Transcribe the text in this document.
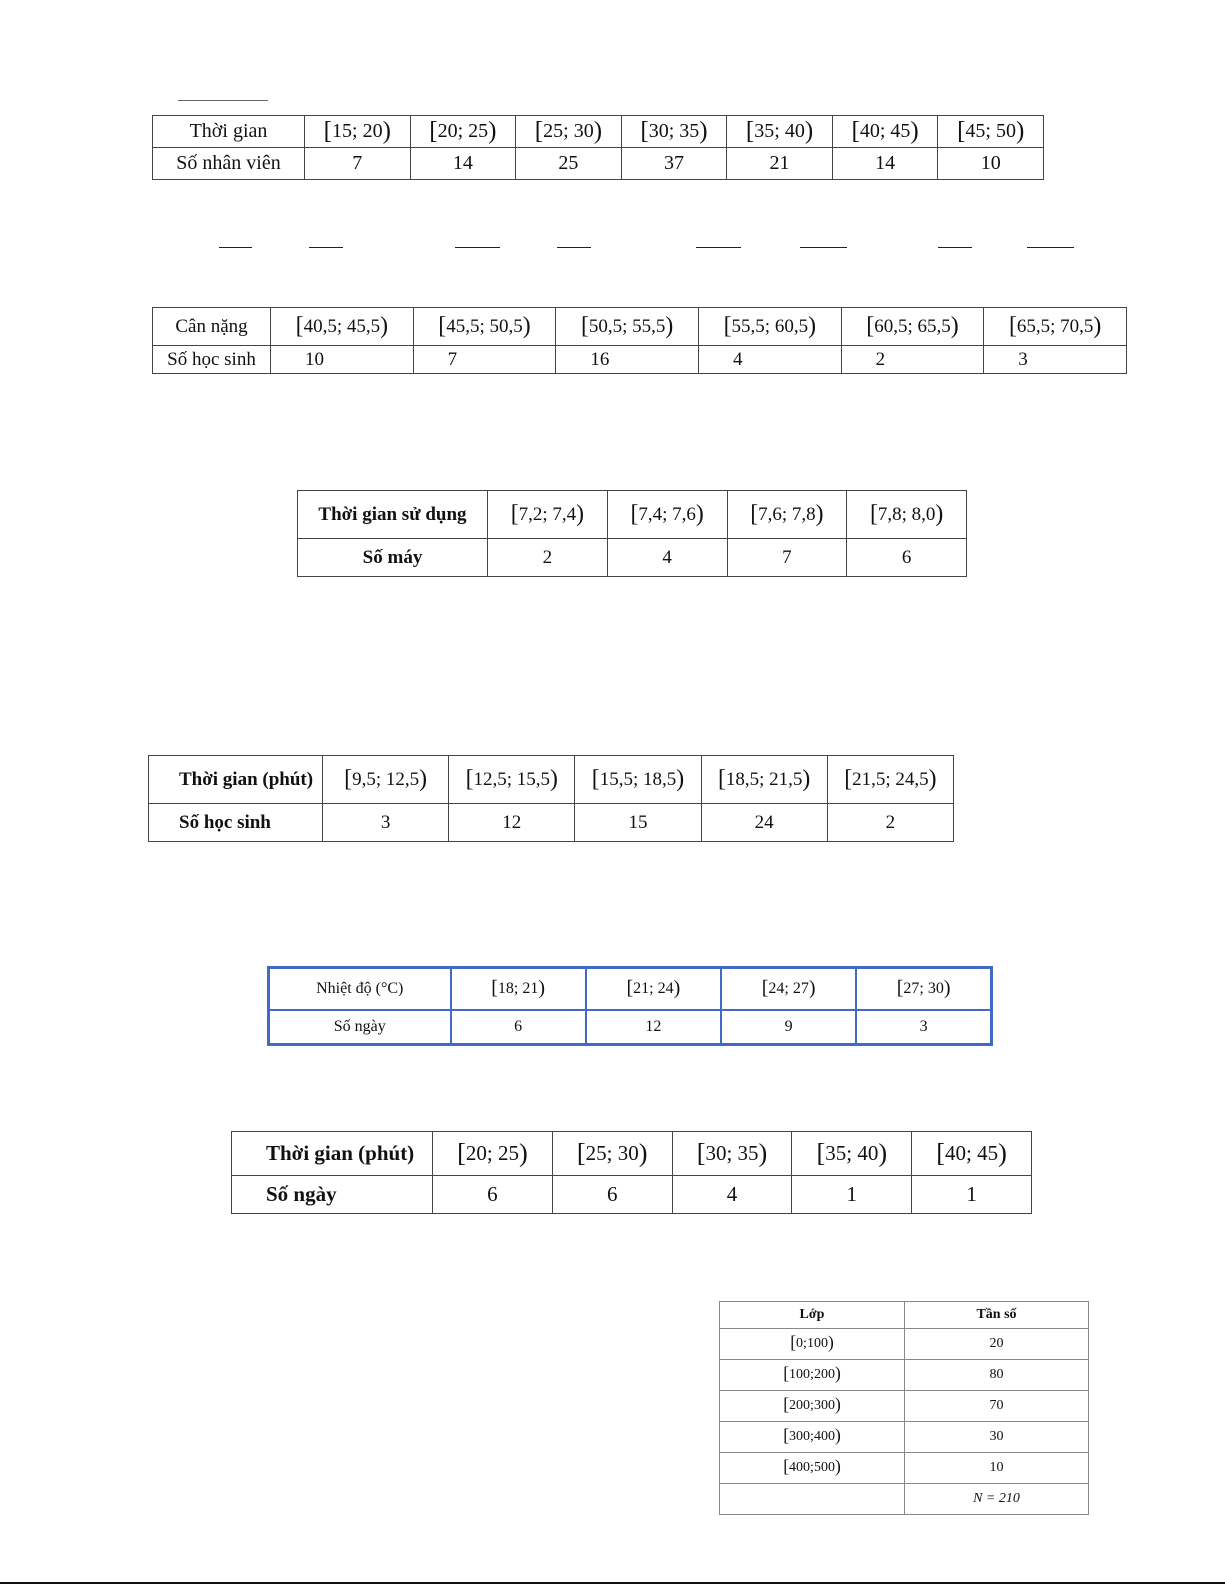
Thời gian	[15; 20)	[20; 25)	[25; 30)	[30; 35)	[35; 40)	[40; 45)	[45; 50)
Số nhân viên	7	14	25	37	21	14	10
Cân nặng	[40,5; 45,5)	[45,5; 50,5)	[50,5; 55,5)	[55,5; 60,5)	[60,5; 65,5)	[65,5; 70,5)
Số học sinh	10	7	16	4	2	3
Thời gian sử dụng	[7,2; 7,4)	[7,4; 7,6)	[7,6; 7,8)	[7,8; 8,0)
Số máy	2	4	7	6
Thời gian (phút)	[9,5; 12,5)	[12,5; 15,5)	[15,5; 18,5)	[18,5; 21,5)	[21,5; 24,5)
Số học sinh	3	12	15	24	2
Nhiệt độ (°C)	[18; 21)	[21; 24)	[24; 27)	[27; 30)
Số ngày	6	12	9	3
Thời gian (phút)	[20; 25)	[25; 30)	[30; 35)	[35; 40)	[40; 45)
Số ngày	6	6	4	1	1
Lớp	Tần số
[0;100)	20
[100;200)	80
[200;300)	70
[300;400)	30
[400;500)	10
	N = 210
